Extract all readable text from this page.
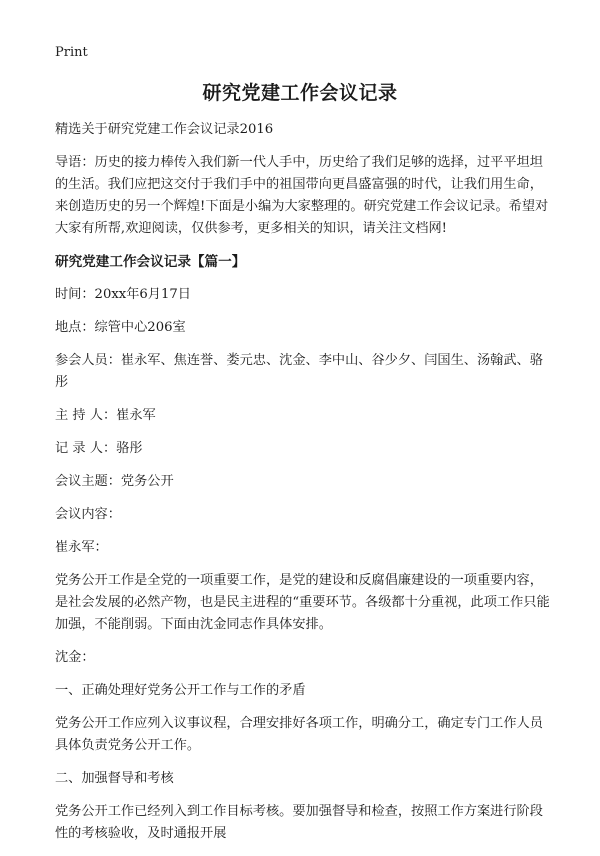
Print
研究党建工作会议记录

精选关于研究党建工作会议记录2016

导语：历史的接力棒传入我们新一代人手中，历史给了我们足够的选择，过平平坦坦的生活。我们应把这交付于我们手中的祖国带向更昌盛富强的时代，让我们用生命，来创造历史的另一个辉煌!下面是小编为大家整理的。研究党建工作会议记录。希望对大家有所帮,欢迎阅读，仅供参考，更多相关的知识，请关注文档网!

研究党建工作会议记录【篇一】

时间：20xx年6月17日

地点：综管中心206室

参会人员：崔永军、焦连誉、娄元忠、沈金、李中山、谷少夕、闫国生、汤翰武、骆彤

主 持 人：崔永军

记 录 人：骆彤

会议主题：党务公开

会议内容：

崔永军：

党务公开工作是全党的一项重要工作，是党的建设和反腐倡廉建设的一项重要内容，是社会发展的必然产物，也是民主进程的“重要环节。各级都十分重视，此项工作只能加强，不能削弱。下面由沈金同志作具体安排。

沈金：

一、正确处理好党务公开工作与工作的矛盾

党务公开工作应列入议事议程，合理安排好各项工作，明确分工，确定专门工作人员具体负责党务公开工作。

二、加强督导和考核

党务公开工作已经列入到工作目标考核。要加强督导和检查，按照工作方案进行阶段性的考核验收，及时通报开展
